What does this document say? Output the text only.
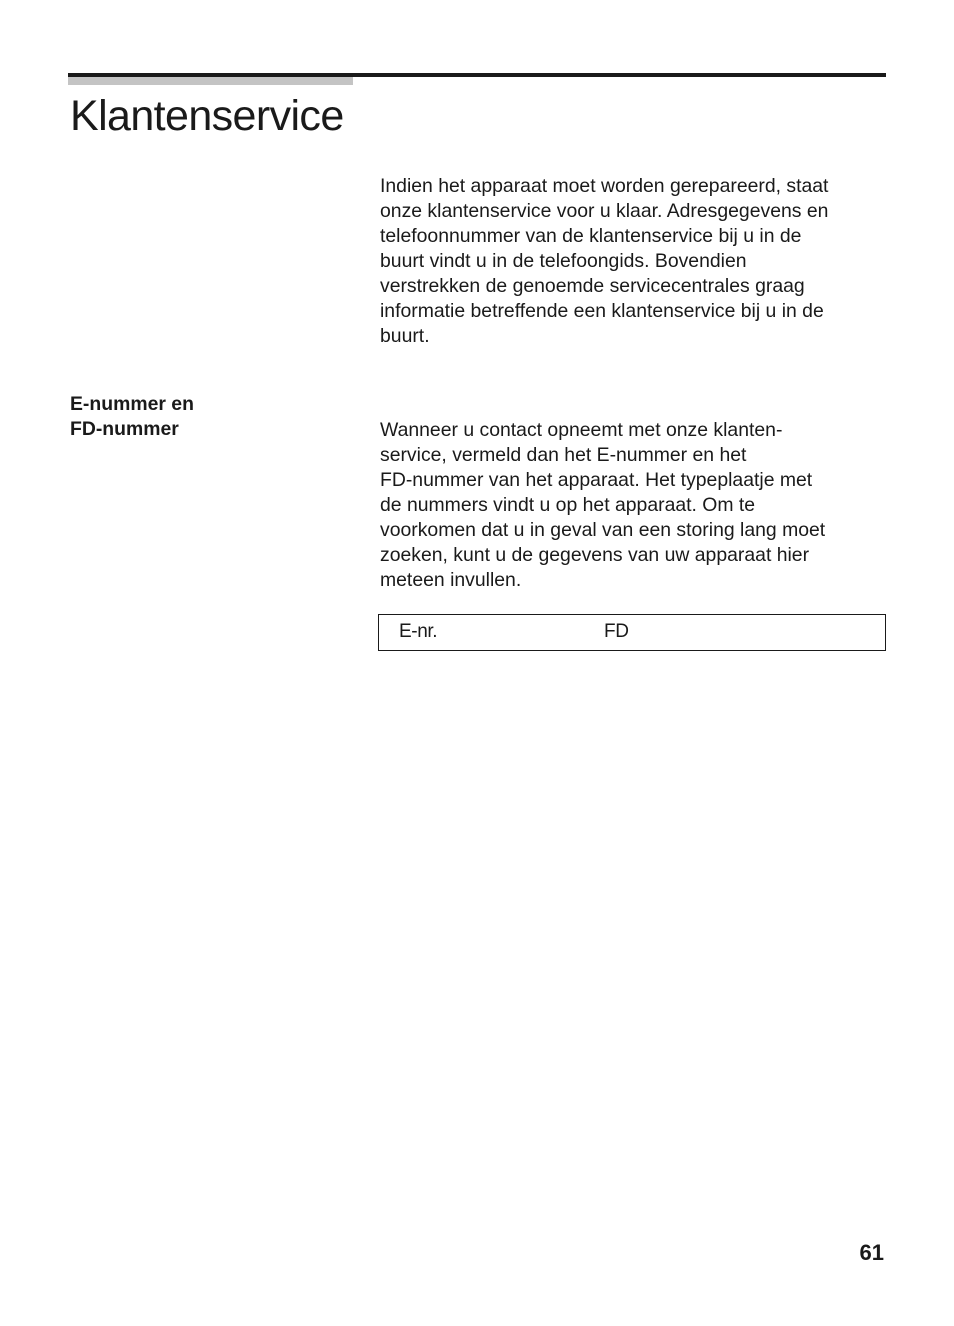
Klantenservice

Indien het apparaat moet worden gerepareerd, staat
onze klantenservice voor u klaar. Adresgegevens en
telefoonnummer van de klantenservice bij u in de
buurt vindt u in de telefoongids. Bovendien
verstrekken de genoemde servicecentrales graag
informatie betreffende een klantenservice bij u in de
buurt.

E-nummer en
FD-nummer	Wanneer u contact opneemt met onze klanten-
service, vermeld dan het E-nummer en het
FD-nummer van het apparaat. Het typeplaatje met
de nummers vindt u op het apparaat. Om te
voorkomen dat u in geval van een storing lang moet
zoeken, kunt u de gegevens van uw apparaat hier
meteen invullen.

E-nr.	FD
61
